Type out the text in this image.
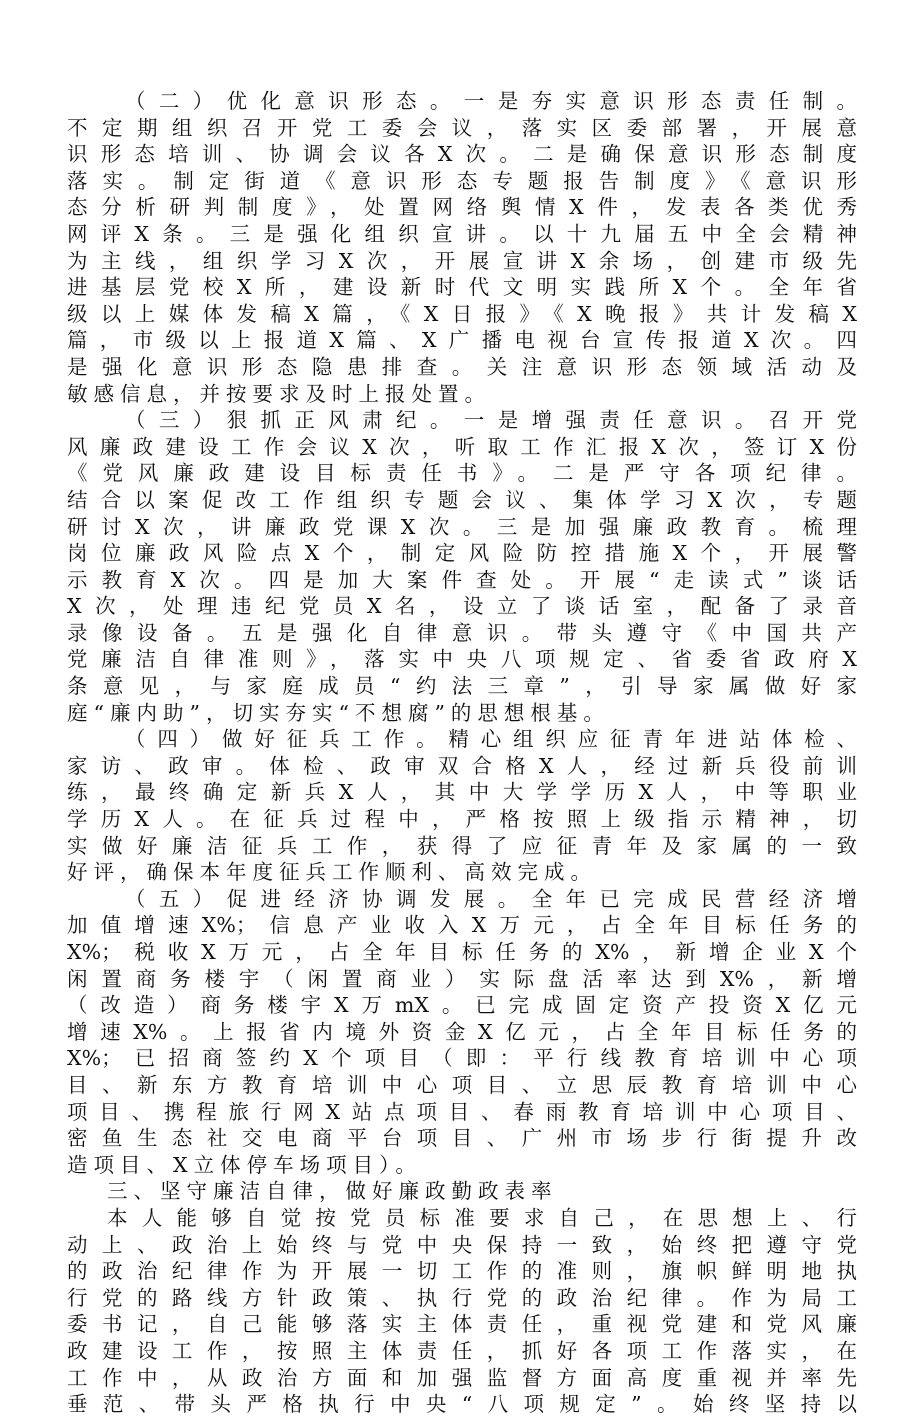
（二）优化意识形态。一是夯实意识形态责任制。
不定期组织召开党工委会议，落实区委部署，开展意
识形态培训、协调会议各X次。二是确保意识形态制度
落实。制定街道《意识形态专题报告制度》《意识形
态分析研判制度》，处置网络舆情X件，发表各类优秀
网评X条。三是强化组织宣讲。以十九届五中全会精神
为主线，组织学习X次，开展宣讲X余场，创建市级先
进基层党校X所，建设新时代文明实践所X个。全年省
级以上媒体发稿X篇，《X日报》《X晚报》共计发稿X
篇，市级以上报道X篇、X广播电视台宣传报道X次。四
是强化意识形态隐患排查。关注意识形态领域活动及
敏感信息，并按要求及时上报处置。
（三）狠抓正风肃纪。一是增强责任意识。召开党
风廉政建设工作会议X次，听取工作汇报X次，签订X份
《党风廉政建设目标责任书》。二是严守各项纪律。
结合以案促改工作组织专题会议、集体学习X次，专题
研讨X次，讲廉政党课X次。三是加强廉政教育。梳理
岗位廉政风险点X个，制定风险防控措施X个，开展警
示教育X次。四是加大案件查处。开展“走读式”谈话
X次，处理违纪党员X名，设立了谈话室，配备了录音
录像设备。五是强化自律意识。带头遵守《中国共产
党廉洁自律准则》，落实中央八项规定、省委省政府X
条意见，与家庭成员“约法三章”，引导家属做好家
庭“廉内助”，切实夯实“不想腐”的思想根基。
（四）做好征兵工作。精心组织应征青年进站体检、
家访、政审。体检、政审双合格X人，经过新兵役前训
练，最终确定新兵X人，其中大学学历X人，中等职业
学历X人。在征兵过程中，严格按照上级指示精神，切
实做好廉洁征兵工作，获得了应征青年及家属的一致
好评，确保本年度征兵工作顺利、高效完成。
（五）促进经济协调发展。全年已完成民营经济增
加值增速X%；信息产业收入X万元，占全年目标任务的
X%；税收X万元，占全年目标任务的X%，新增企业X个
闲置商务楼宇（闲置商业）实际盘活率达到X%，新增
（改造）商务楼宇X万mX。已完成固定资产投资X亿元
增速X%。上报省内境外资金X亿元，占全年目标任务的
X%；已招商签约X个项目（即：平行线教育培训中心项
目、新东方教育培训中心项目、立思辰教育培训中心
项目、携程旅行网X站点项目、春雨教育培训中心项目、
密鱼生态社交电商平台项目、广州市场步行街提升改
造项目、X立体停车场项目）。
三、坚守廉洁自律，做好廉政勤政表率
本人能够自觉按党员标准要求自己，在思想上、行
动上、政治上始终与党中央保持一致，始终把遵守党
的政治纪律作为开展一切工作的准则，旗帜鲜明地执
行党的路线方针政策、执行党的政治纪律。作为局工
委书记，自己能够落实主体责任，重视党建和党风廉
政建设工作，按照主体责任，抓好各项工作落实，在
工作中，从政治方面和加强监督方面高度重视并率先
垂范、带头严格执行中央“八项规定”。始终坚持以
